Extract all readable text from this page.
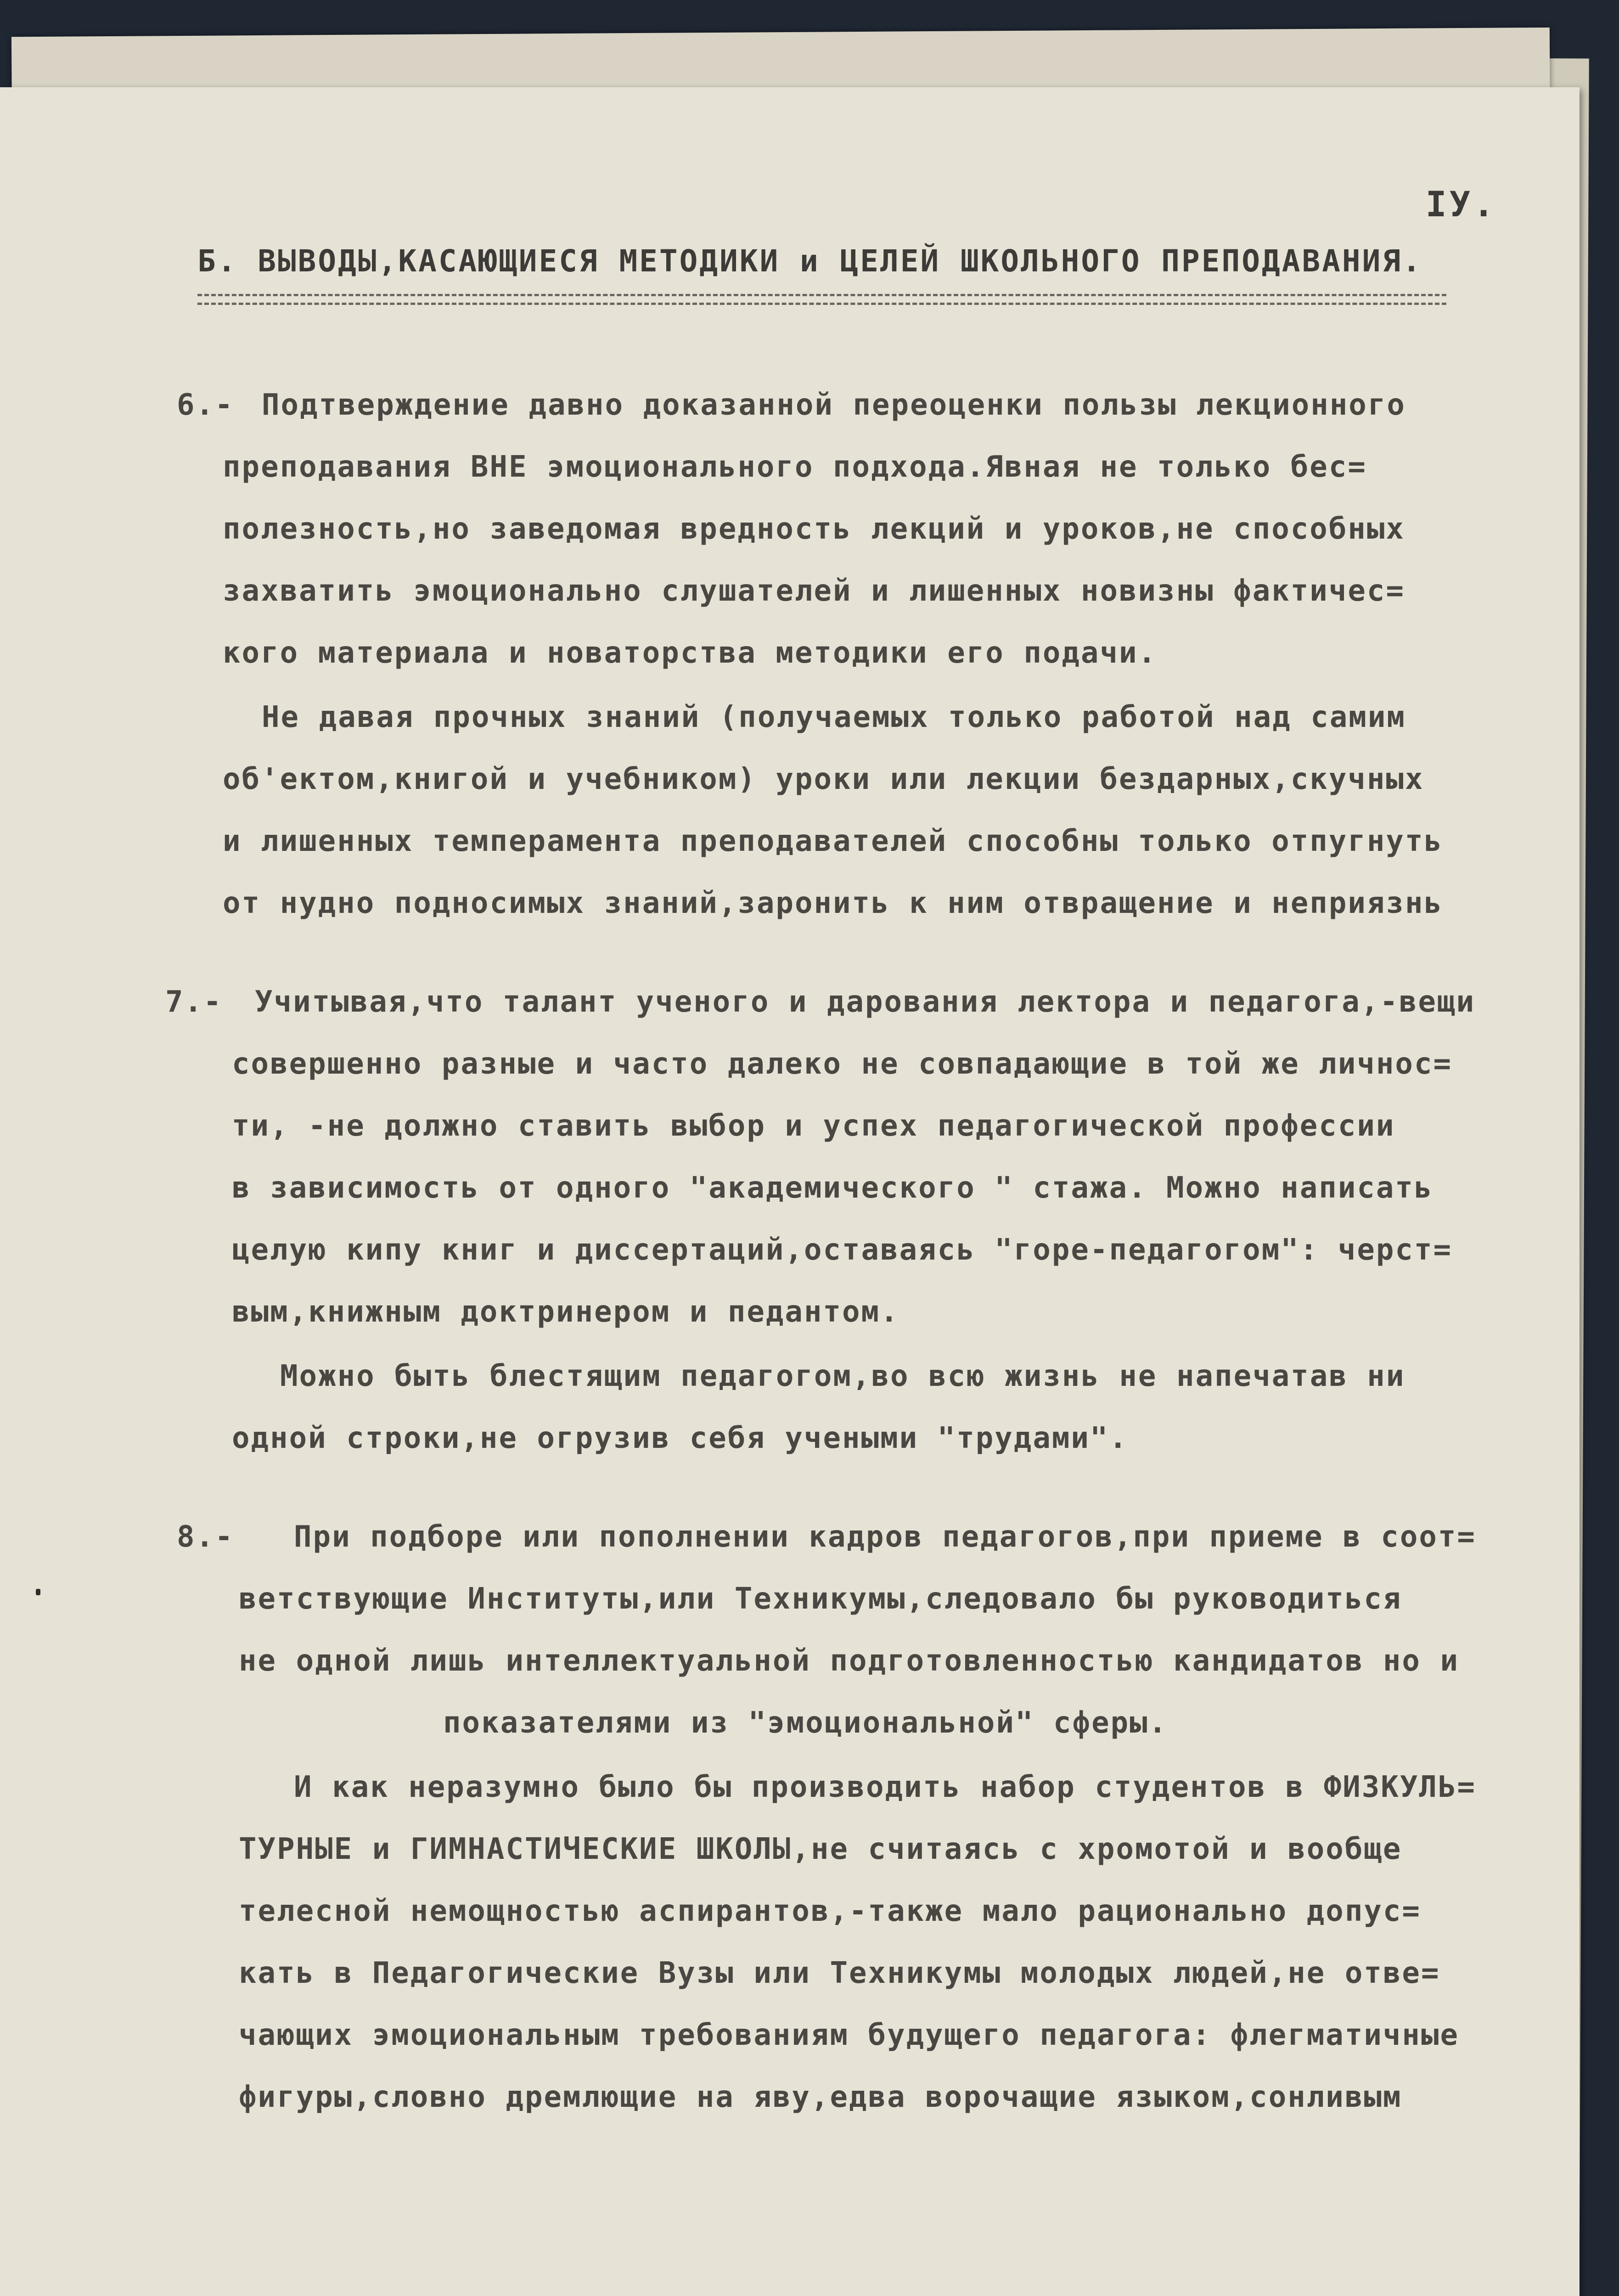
IУ.
Б. ВЫВОДЫ,КАСАЮЩИЕСЯ МЕТОДИКИ и ЦЕЛЕЙ ШКОЛЬНОГО ПРЕПОДАВАНИЯ.
6.- Подтверждение давно доказанной переоценки пользы лекционного
преподавания ВНЕ эмоционального подхода.Явная не только бес=
полезность,но заведомая вредность лекций и уроков,не способных
захватить эмоционально слушателей и лишенных новизны фактичес=
кого материала и новаторства методики его подачи.
Не давая прочных знаний (получаемых только работой над самим
об'ектом,книгой и учебником) уроки или лекции бездарных,скучных
и лишенных темперамента преподавателей способны только отпугнуть
от нудно подносимых знаний,заронить к ним отвращение и неприязнь
7.- Учитывая,что талант ученого и дарования лектора и педагога,-вещи
совершенно разные и часто далеко не совпадающие в той же личнос=
ти, -не должно ставить выбор и успех педагогической профессии
в зависимость от одного "академического " стажа. Можно написать
целую кипу книг и диссертаций,оставаясь "горе-педагогом": черст=
вым,книжным доктринером и педантом.
Можно быть блестящим педагогом,во всю жизнь не напечатав ни
одной строки,не огрузив себя учеными "трудами".
8.- При подборе или пополнении кадров педагогов,при приеме в соот=
ветствующие Институты,или Техникумы,следовало бы руководиться
не одной лишь интеллектуальной подготовленностью кандидатов но и
показателями из "эмоциональной" сферы.
И как неразумно было бы производить набор студентов в ФИЗКУЛЬ=
ТУРНЫЕ и ГИМНАСТИЧЕСКИЕ ШКОЛЫ,не считаясь с хромотой и вообще
телесной немощностью аспирантов,-также мало рационально допус=
кать в Педагогические Вузы или Техникумы молодых людей,не отве=
чающих эмоциональным требованиям будущего педагога: флегматичные
фигуры,словно дремлющие на яву,едва ворочащие языком,сонливым
